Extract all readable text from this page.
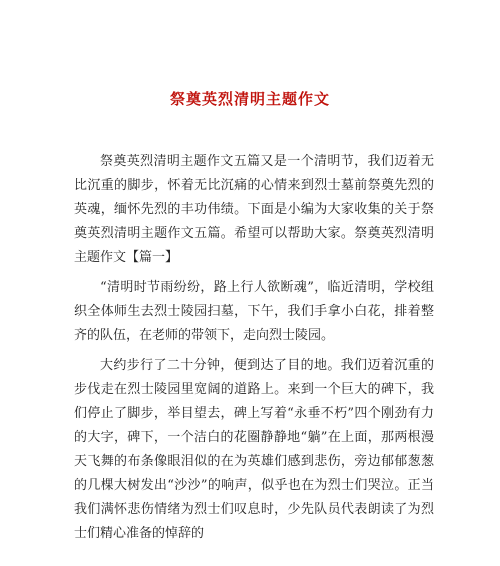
祭奠英烈清明主题作文

祭奠英烈清明主题作文五篇又是一个清明节，我们迈着无比沉重的脚步，怀着无比沉痛的心情来到烈士墓前祭奠先烈的英魂，缅怀先烈的丰功伟绩。下面是小编为大家收集的关于祭奠英烈清明主题作文五篇。希望可以帮助大家。祭奠英烈清明主题作文【篇一】

“清明时节雨纷纷，路上行人欲断魂”，临近清明，学校组织全体师生去烈士陵园扫墓，下午，我们手拿小白花，排着整齐的队伍，在老师的带领下，走向烈士陵园。

大约步行了二十分钟，便到达了目的地。我们迈着沉重的步伐走在烈士陵园里宽阔的道路上。来到一个巨大的碑下，我们停止了脚步，举目望去，碑上写着“永垂不朽”四个刚劲有力的大字，碑下，一个洁白的花圈静静地“躺”在上面，那两根漫天飞舞的布条像眼泪似的在为英雄们感到悲伤，旁边郁郁葱葱的几棵大树发出“沙沙”的响声，似乎也在为烈士们哭泣。正当我们满怀悲伤情绪为烈士们叹息时，少先队员代表朗读了为烈士们精心准备的悼辞的
